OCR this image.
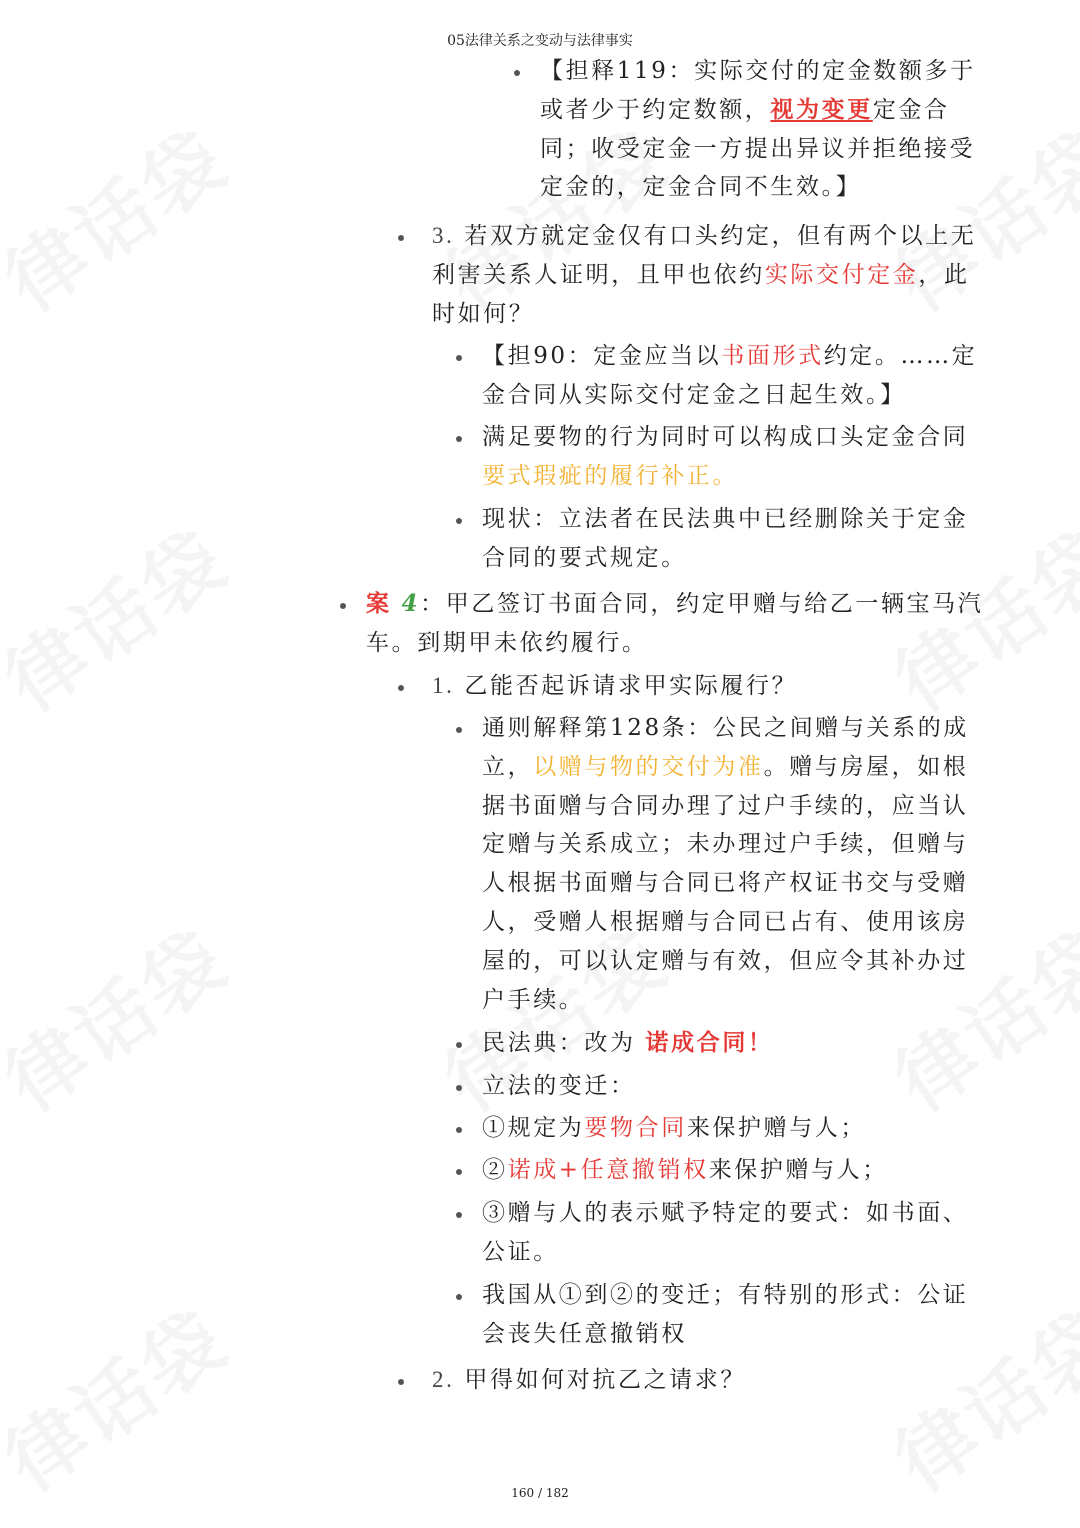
05法律关系之变动与法律事实
160 / 182
【担释119：实际交付的定金数额多于或者少于约定数额，视为变更定金合同；收受定金一方提出异议并拒绝接受定金的，定金合同不生效。】
3. 若双方就定金仅有口头约定，但有两个以上无利害关系人证明，且甲也依约实际交付定金，此时如何？
【担90：定金应当以书面形式约定。……定金合同从实际交付定金之日起生效。】
满足要物的行为同时可以构成口头定金合同要式瑕疵的履行补正。
现状：立法者在民法典中已经删除关于定金合同的要式规定。
案 4：甲乙签订书面合同，约定甲赠与给乙一辆宝马汽车。到期甲未依约履行。
1. 乙能否起诉请求甲实际履行？
通则解释第128条：公民之间赠与关系的成立，以赠与物的交付为准。赠与房屋，如根据书面赠与合同办理了过户手续的，应当认定赠与关系成立；未办理过户手续，但赠与人根据书面赠与合同已将产权证书交与受赠人，受赠人根据赠与合同已占有、使用该房屋的，可以认定赠与有效，但应令其补办过户手续。
民法典：改为 诺成合同！
立法的变迁：
①规定为要物合同来保护赠与人；
②诺成+任意撤销权来保护赠与人；
③赠与人的表示赋予特定的要式：如书面、公证。
我国从①到②的变迁；有特别的形式：公证会丧失任意撤销权
2. 甲得如何对抗乙之请求？
